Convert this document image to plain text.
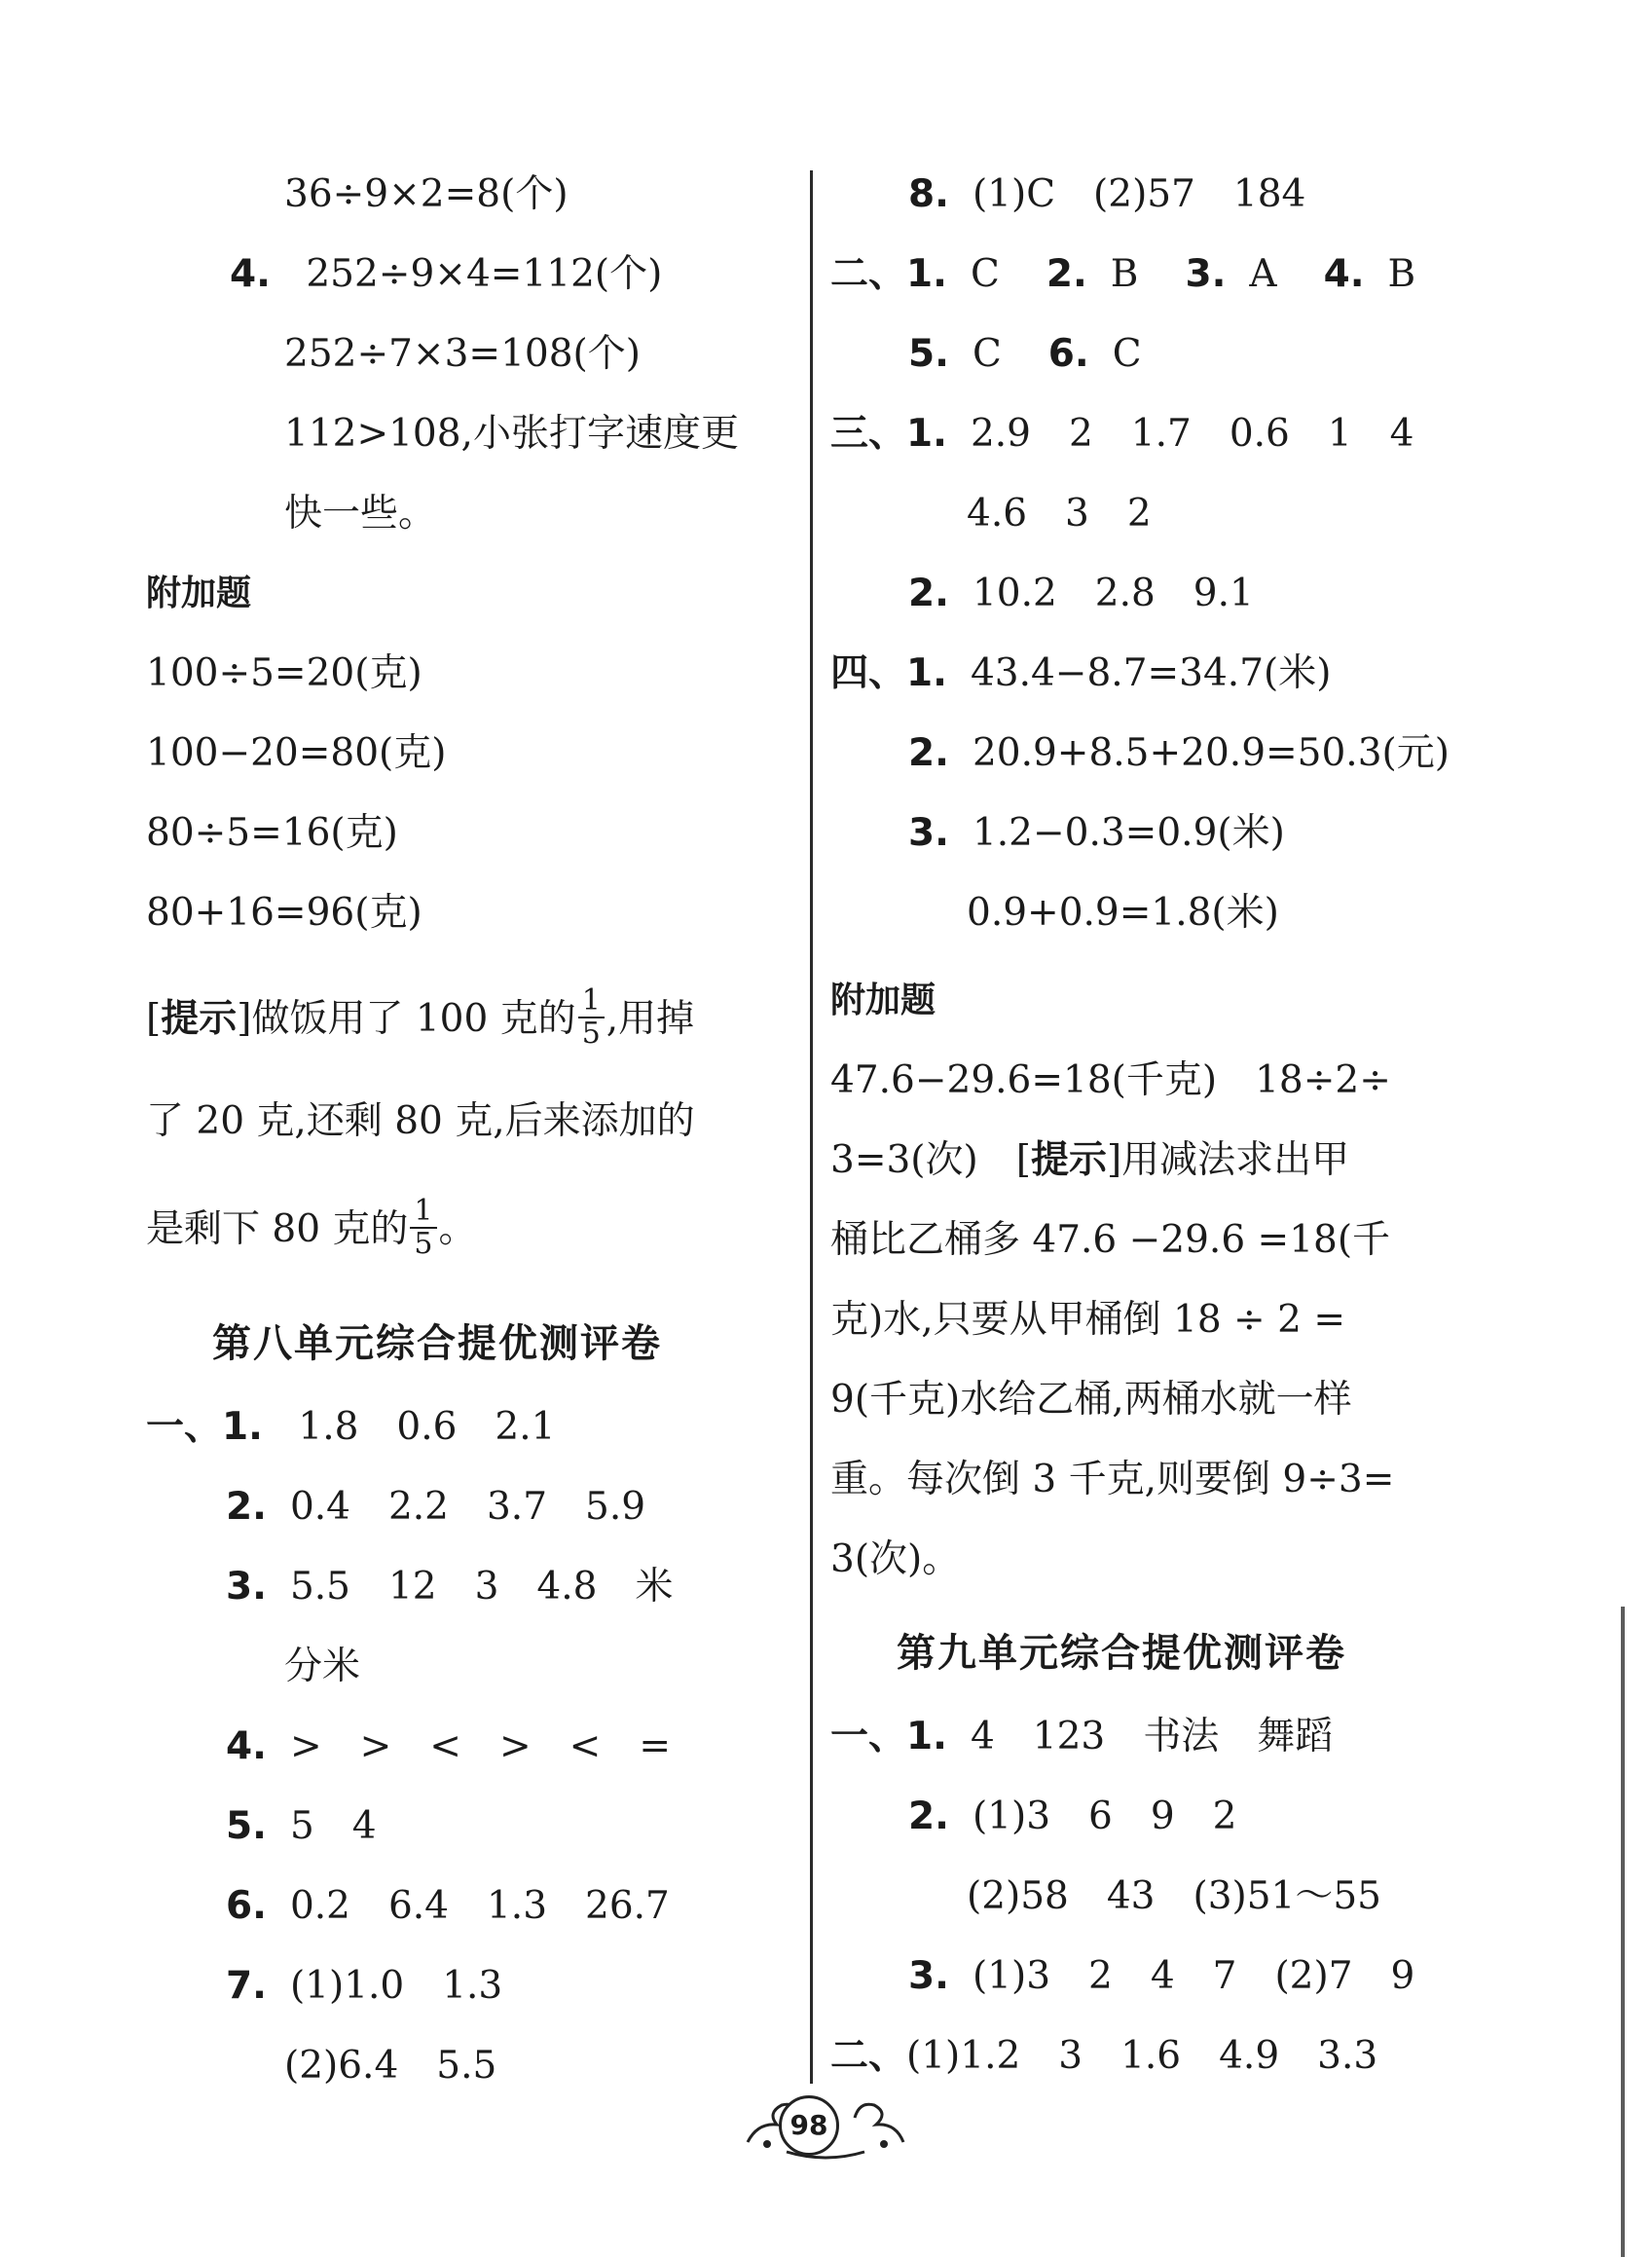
36÷9×2=8(个)
4. 252÷9×4=112(个)
252÷7×3=108(个)
112>108,小张打字速度更
快一些。
附加题
100÷5=20(克)
100−20=80(克)
80÷5=16(克)
80+16=96(克)
[提示]做饭用了 100 克的 $\frac{1}{5}$ ,用掉
了 20 克,还剩 80 克,后来添加的
是剩下 80 克的 $\frac{1}{5}$ 。
第八单元综合提优测评卷
一、1. 1.8　0.6　2.1
2. 0.4　2.2　3.7　5.9
3. 5.5　12　3　4.8　米
分米
4. >　>　<　>　<　=
5. 5　4
6. 0.2　6.4　1.3　26.7
7. (1)1.0　1.3
(2)6.4　5.5
8. (1)C　(2)57　184
二、1. C 2. B 3. A 4. B
5. C 6. C
三、1. 2.9　2　1.7　0.6　1　4
4.6　3　2
2. 10.2　2.8　9.1
四、1. 43.4−8.7=34.7(米)
2. 20.9+8.5+20.9=50.3(元)
3. 1.2−0.3=0.9(米)
0.9+0.9=1.8(米)
附加题
47.6−29.6=18(千克)　18÷2÷
3=3(次)　[提示]用减法求出甲
桶比乙桶多 47.6 −29.6 =18(千
克)水,只要从甲桶倒 18 ÷ 2 =
9(千克)水给乙桶,两桶水就一样
重。每次倒 3 千克,则要倒 9÷3=
3(次)。
第九单元综合提优测评卷
一、1. 4　123　书法　舞蹈
2. (1)3　6　9　2
(2)58　43　(3)51～55
3. (1)3　2　4　7　(2)7　9
二、(1)1.2　3　1.6　4.9　3.3
98
